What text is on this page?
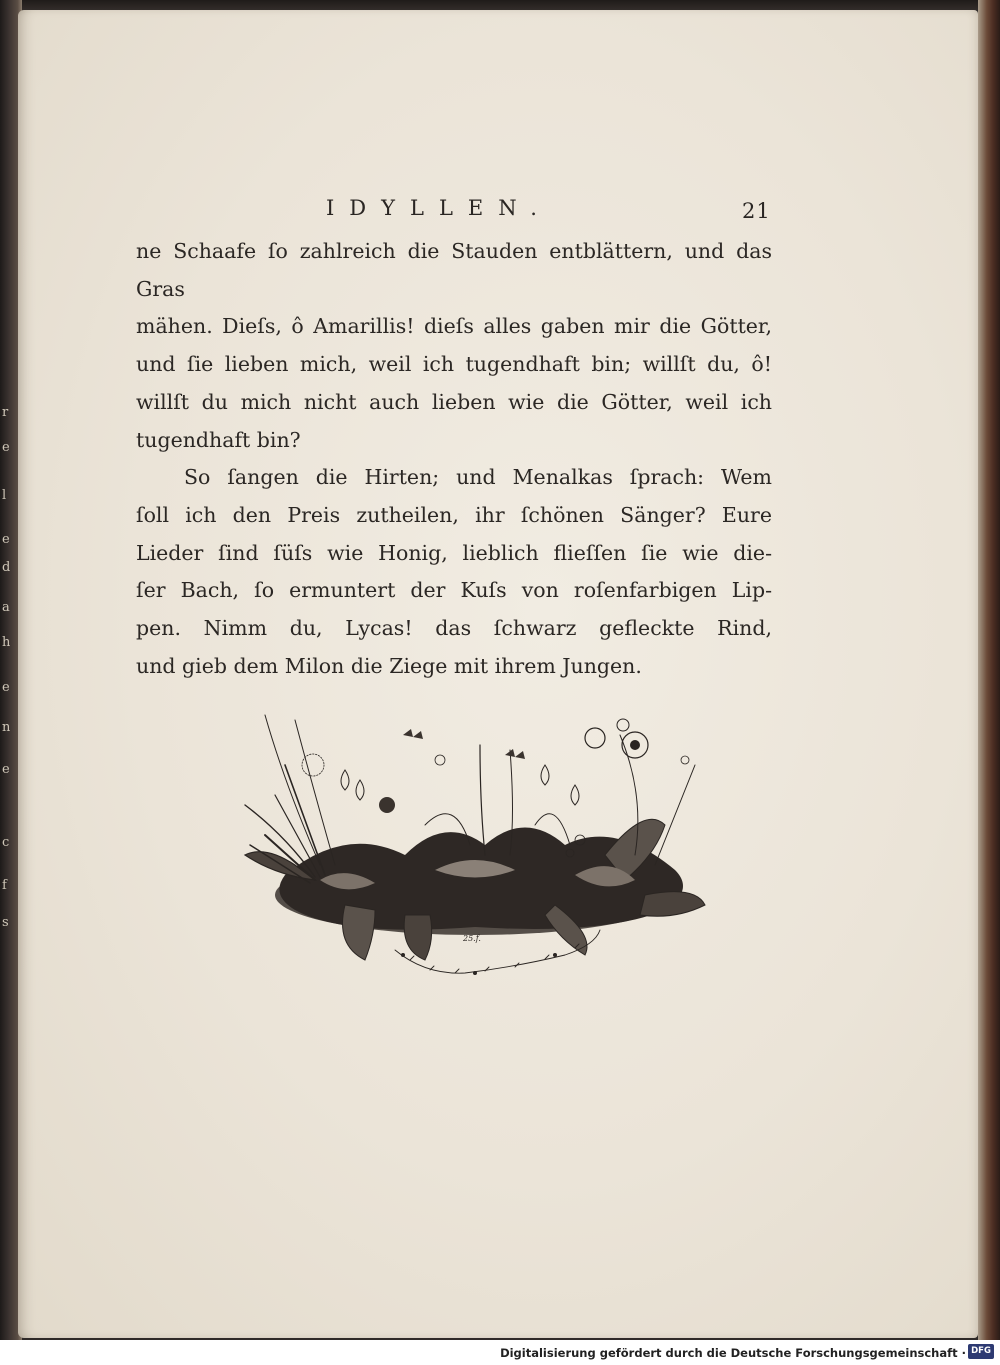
r
e
l
e
d
a
h
e
n
e
c
f
s
IDYLLEN.	21
ne Schaafe ſo zahlreich die Stauden entblättern, und das Gras
mähen. Dieſs, ô Amarillis! dieſs alles gaben mir die Götter,
und ſie lieben mich, weil ich tugendhaft bin; willſt du, ô!
willſt du mich nicht auch lieben wie die Götter, weil ich
tugendhaft bin?
So ſangen die Hirten; und Menalkas ſprach: Wem
ſoll ich den Preis zutheilen, ihr ſchönen Sänger? Eure
Lieder ſind ſüſs wie Honig, lieblich flieſſen ſie wie die-
ſer Bach, ſo ermuntert der Kuſs von roſenfarbigen Lip-
pen. Nimm du, Lycas! das ſchwarz gefleckte Rind,
und gieb dem Milon die Ziege mit ihrem Jungen.
25.f.
Digitalisierung gefördert durch die Deutsche Forschungsgemeinschaft · DFG
